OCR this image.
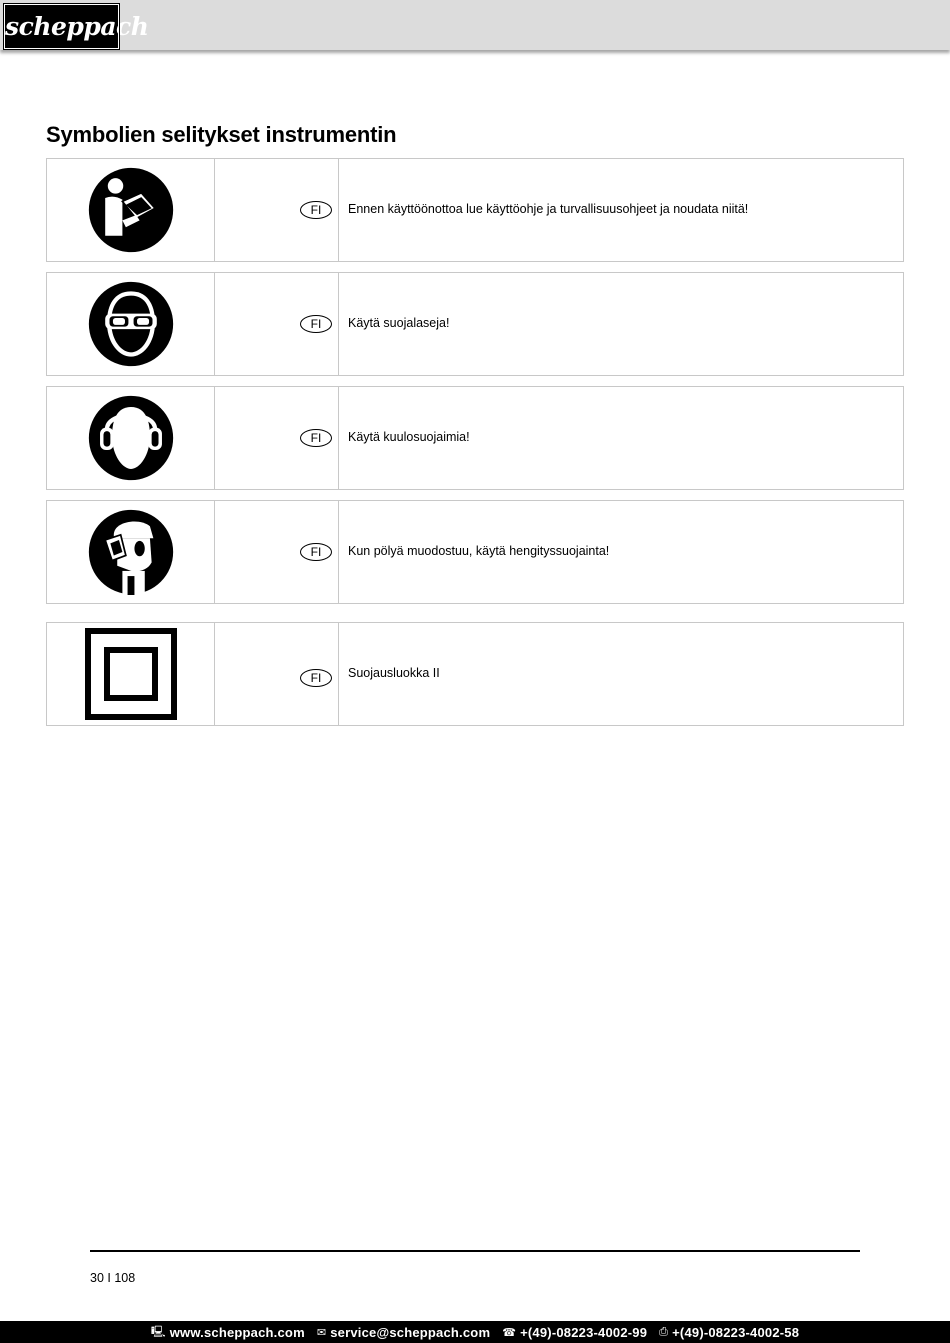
scheppach
Symbolien selitykset instrumentin
FI	Ennen käyttöönottoa lue käyttöohje ja turvallisuusohjeet ja noudata niitä!
FI	Käytä suojalaseja!
FI	Käytä kuulosuojaimia!
FI	Kun pölyä muodostuu, käytä hengityssuojainta!
FI	Suojausluokka II
30 I 108
🖳 www.scheppach.com ✉ service@scheppach.com ☎ +(49)-08223-4002-99 ⎙ +(49)-08223-4002-58
